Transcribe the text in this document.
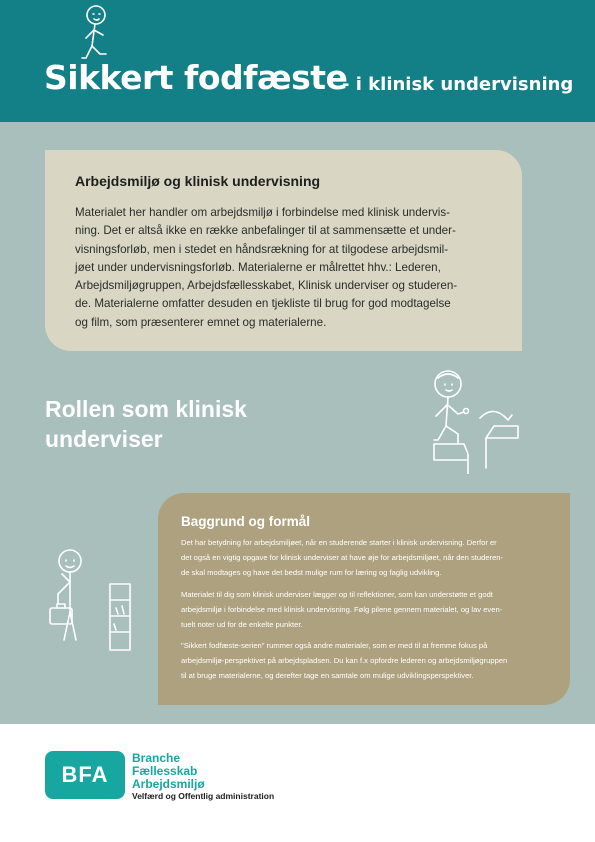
Sikkert fodfæste
- i klinisk undervisning
Arbejdsmiljø og klinisk undervisning
Materialet her handler om arbejdsmiljø i forbindelse med klinisk undervis-
ning. Det er altså ikke en række anbefalinger til at sammensætte et under-
visningsforløb, men i stedet en håndsrækning for at tilgodese arbejdsmil-
jøet under undervisningsforløb. Materialerne er målrettet hhv.: Lederen,
Arbejdsmiljøgruppen, Arbejdsfællesskabet, Klinisk underviser og studeren-
de. Materialerne omfatter desuden en tjekliste til brug for god modtagelse
og film, som præsenterer emnet og materialerne.
Rollen som klinisk
underviser
Baggrund og formål
Det har betydning for arbejdsmiljøet, når en studerende starter i klinisk undervisning. Derfor er
det også en vigtig opgave for klinisk underviser at have øje for arbejdsmiljøet, når den studeren-
de skal modtages og have det bedst mulige rum for læring og faglig udvikling.
Materialet til dig som klinisk underviser lægger op til reflektioner, som kan understøtte et godt
arbejdsmiljø i forbindelse med klinisk undervisning. Følg pilene gennem materialet, og lav even-
tuelt noter ud for de enkelte punkter.
"Sikkert fodfæste-serien" rummer også andre materialer, som er med til at fremme fokus på
arbejdsmiljø-perspektivet på arbejdspladsen. Du kan f.x opfordre lederen og arbejdsmiljøgruppen
til at bruge materialerne, og derefter tage en samtale om mulige udviklingsperspektiver.
BFA
Branche
Fællesskab
Arbejdsmiljø
Velfærd og Offentlig administration
